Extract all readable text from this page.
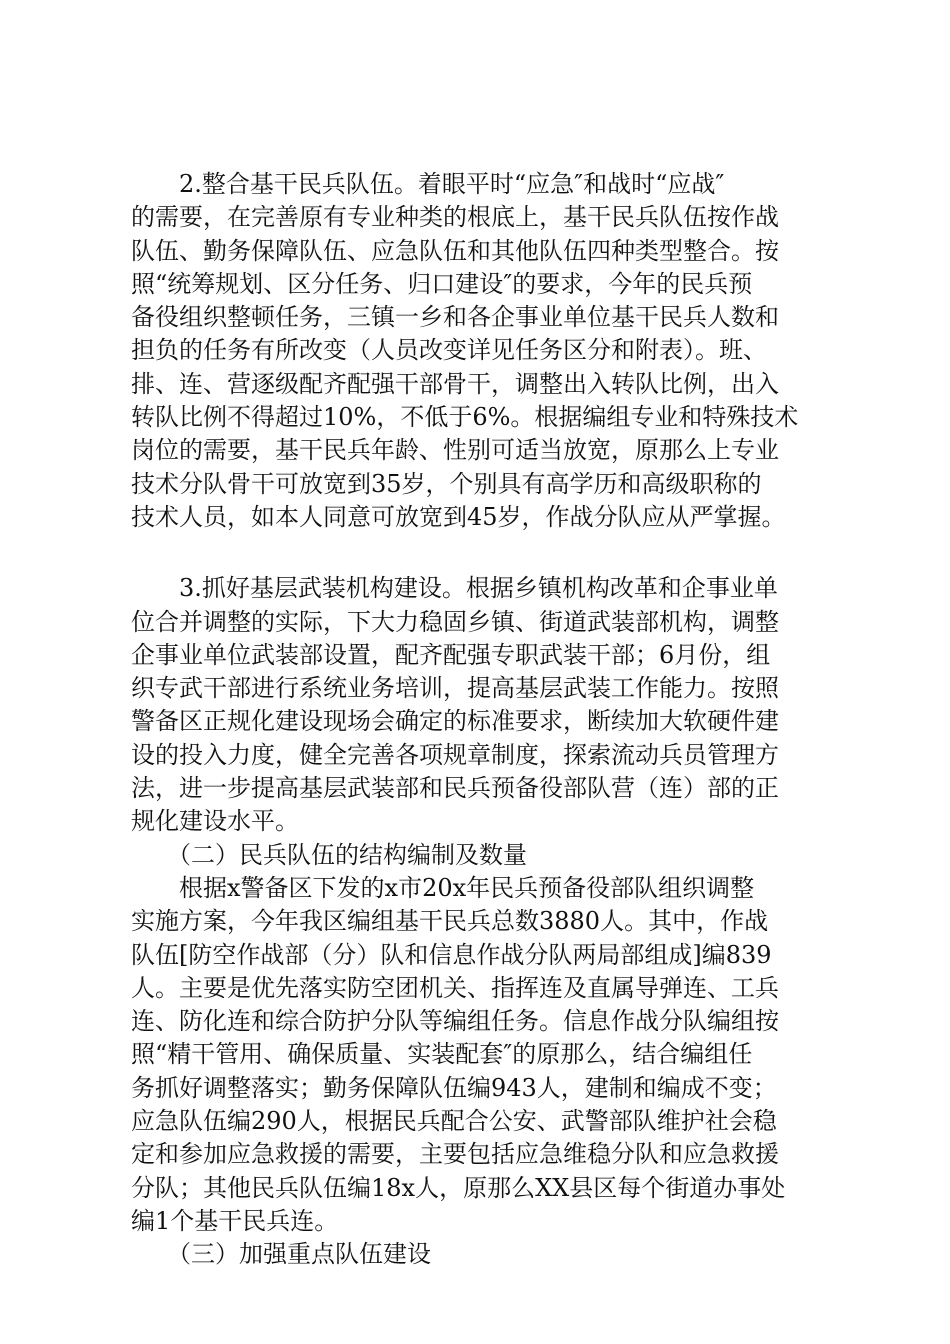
　　2.整合基干民兵队伍。着眼平时“应急″和战时“应战″
的需要，在完善原有专业种类的根底上，基干民兵队伍按作战
队伍、勤务保障队伍、应急队伍和其他队伍四种类型整合。按
照“统筹规划、区分任务、归口建设″的要求，今年的民兵预
备役组织整顿任务，三镇一乡和各企事业单位基干民兵人数和
担负的任务有所改变（人员改变详见任务区分和附表）。班、
排、连、营逐级配齐配强干部骨干，调整出入转队比例，出入
转队比例不得超过10%，不低于6%。根据编组专业和特殊技术
岗位的需要，基干民兵年龄、性别可适当放宽，原那么上专业
技术分队骨干可放宽到35岁，个别具有高学历和高级职称的
技术人员，如本人同意可放宽到45岁，作战分队应从严掌握。
　　3.抓好基层武装机构建设。根据乡镇机构改革和企事业单
位合并调整的实际，下大力稳固乡镇、街道武装部机构，调整
企事业单位武装部设置，配齐配强专职武装干部；6月份，组
织专武干部进行系统业务培训，提高基层武装工作能力。按照
警备区正规化建设现场会确定的标准要求，断续加大软硬件建
设的投入力度，健全完善各项规章制度，探索流动兵员管理方
法，进一步提高基层武装部和民兵预备役部队营（连）部的正
规化建设水平。
　　（二）民兵队伍的结构编制及数量
　　根据x警备区下发的x市20x年民兵预备役部队组织调整
实施方案，今年我区编组基干民兵总数3880人。其中，作战
队伍[防空作战部（分）队和信息作战分队两局部组成]编839
人。主要是优先落实防空团机关、指挥连及直属导弹连、工兵
连、防化连和综合防护分队等编组任务。信息作战分队编组按
照“精干管用、确保质量、实装配套″的原那么，结合编组任
务抓好调整落实；勤务保障队伍编943人，建制和编成不变；
应急队伍编290人，根据民兵配合公安、武警部队维护社会稳
定和参加应急救援的需要，主要包括应急维稳分队和应急救援
分队；其他民兵队伍编18x人，原那么XX县区每个街道办事处
编1个基干民兵连。
　　（三）加强重点队伍建设
